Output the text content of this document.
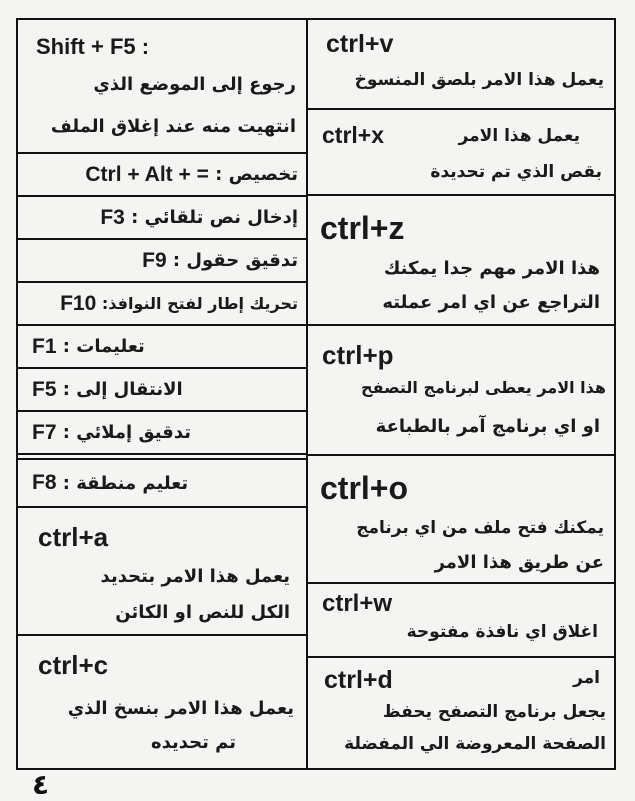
Shift + F5 :
رجوع إلى الموضع الذي
انتهيت منه عند إغلاق الملف
تخصيص :

Ctrl + Alt + =
إدخال نص تلقائي :

F3
تدقيق حقول :

F9
تحريك إطار لفتح النوافذ:

F10
تعليمات :

F1
الانتقال إلى :

F5
تدقيق إملائي :

F7
تعليم منطقة :

F8
ctrl+a
يعمل هذا الامر بتحديد
الكل للنص او الكائن
ctrl+c
يعمل هذا الامر بنسخ الذي
تم تحديده
ctrl+v
يعمل هذا الامر بلصق المنسوخ
ctrl+x	يعمل هذا الامر
بقص الذي تم تحديدة
ctrl+z
هذا الامر مهم جدا يمكنك
التراجع عن اي امر عملته
ctrl+p
هذا الامر يعطى لبرنامج التصفح
او اي برنامج آمر بالطباعة
ctrl+o
يمكنك فتح ملف من اي برنامج
عن طريق هذا الامر
ctrl+w
اغلاق اي نافذة مفتوحة
ctrl+d	امر
يجعل برنامج التصفح يحفظ
الصفحة المعروضة الي المفضلة
٤
